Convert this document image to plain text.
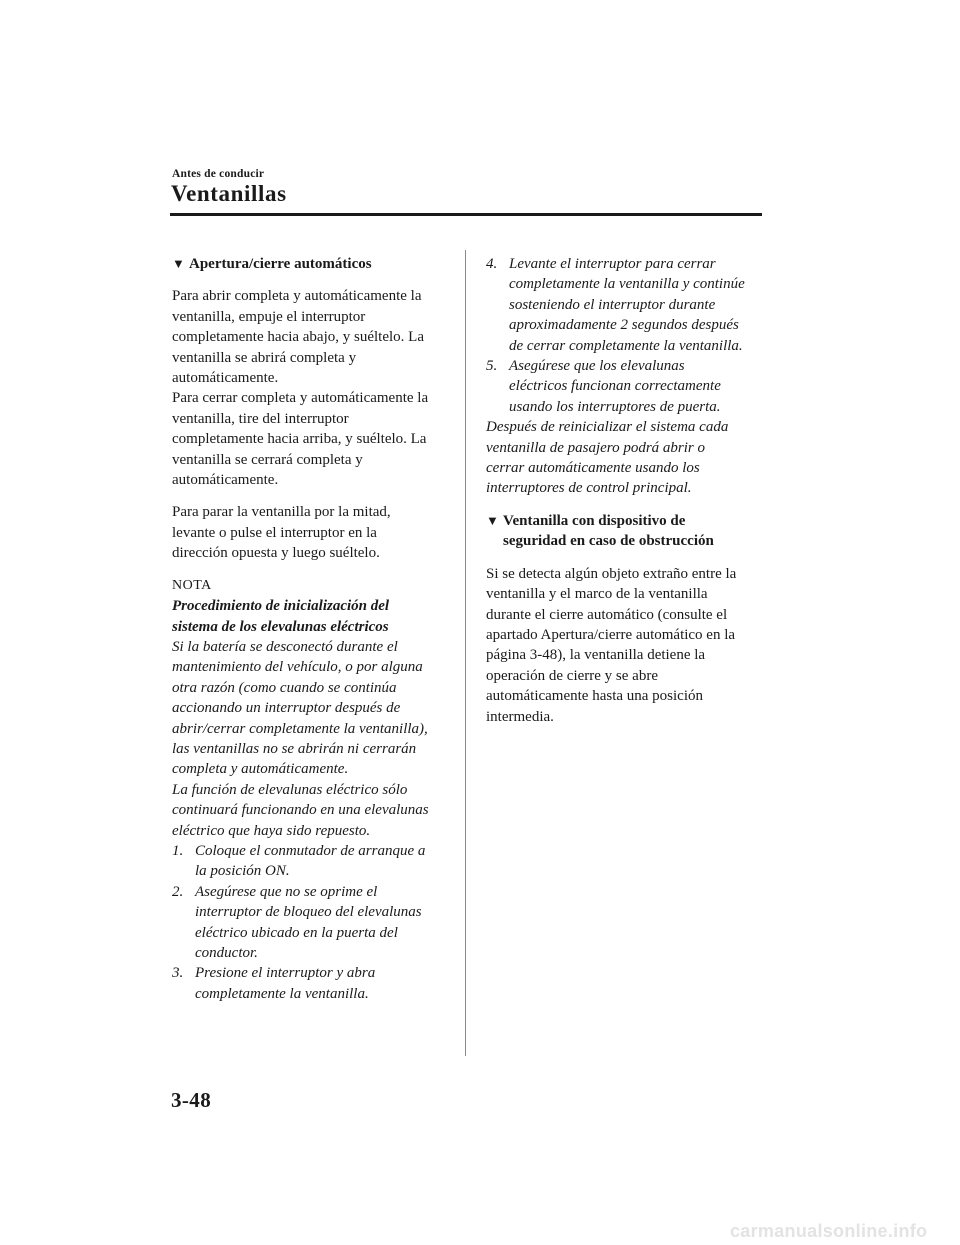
Antes de conducir
Ventanillas
▼ Apertura/cierre automáticos
Para abrir completa y automáticamente la
ventanilla, empuje el interruptor
completamente hacia abajo, y suéltelo. La
ventanilla se abrirá completa y
automáticamente.
Para cerrar completa y automáticamente la
ventanilla, tire del interruptor
completamente hacia arriba, y suéltelo. La
ventanilla se cerrará completa y
automáticamente.
Para parar la ventanilla por la mitad,
levante o pulse el interruptor en la
dirección opuesta y luego suéltelo.
NOTA
Procedimiento de inicialización del
sistema de los elevalunas eléctricos
Si la batería se desconectó durante el
mantenimiento del vehículo, o por alguna
otra razón (como cuando se continúa
accionando un interruptor después de
abrir/cerrar completamente la ventanilla),
las ventanillas no se abrirán ni cerrarán
completa y automáticamente.
La función de elevalunas eléctrico sólo
continuará funcionando en una elevalunas
eléctrico que haya sido repuesto.
1. Coloque el conmutador de arranque a
la posición ON.
2. Asegúrese que no se oprime el
interruptor de bloqueo del elevalunas
eléctrico ubicado en la puerta del
conductor.
3. Presione el interruptor y abra
completamente la ventanilla.
4. Levante el interruptor para cerrar
completamente la ventanilla y continúe
sosteniendo el interruptor durante
aproximadamente 2 segundos después
de cerrar completamente la ventanilla.
5. Asegúrese que los elevalunas
eléctricos funcionan correctamente
usando los interruptores de puerta.
Después de reinicializar el sistema cada
ventanilla de pasajero podrá abrir o
cerrar automáticamente usando los
interruptores de control principal.
▼ Ventanilla con dispositivo de
seguridad en caso de obstrucción
Si se detecta algún objeto extraño entre la
ventanilla y el marco de la ventanilla
durante el cierre automático (consulte el
apartado Apertura/cierre automático en la
página 3-48), la ventanilla detiene la
operación de cierre y se abre
automáticamente hasta una posición
intermedia.
3-48
carmanualsonline.info
